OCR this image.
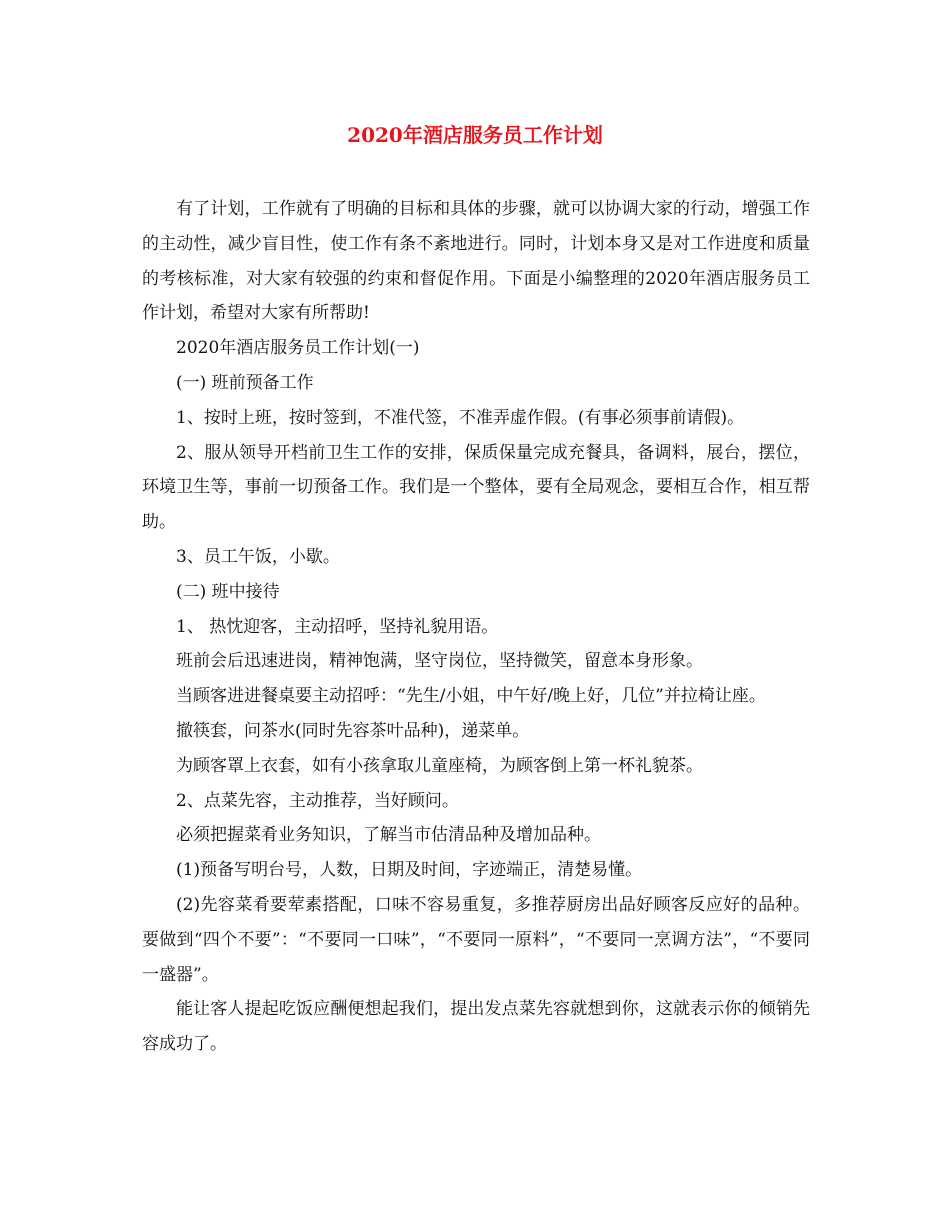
2020年酒店服务员工作计划

有了计划，工作就有了明确的目标和具体的步骤，就可以协调大家的行动，增强工作的主动性，减少盲目性，使工作有条不紊地进行。同时，计划本身又是对工作进度和质量的考核标准，对大家有较强的约束和督促作用。下面是小编整理的2020年酒店服务员工作计划，希望对大家有所帮助!

2020年酒店服务员工作计划(一)

(一) 班前预备工作

1、按时上班，按时签到，不准代签，不准弄虚作假。(有事必须事前请假)。

2、服从领导开档前卫生工作的安排，保质保量完成充餐具，备调料，展台，摆位，环境卫生等，事前一切预备工作。我们是一个整体，要有全局观念，要相互合作，相互帮助。

3、员工午饭，小歇。

(二) 班中接待

1、 热忱迎客，主动招呼，坚持礼貌用语。

班前会后迅速进岗，精神饱满，坚守岗位，坚持微笑，留意本身形象。

当顾客进进餐桌要主动招呼：“先生/小姐，中午好/晚上好，几位”并拉椅让座。

撤筷套，问茶水(同时先容茶叶品种)，递菜单。

为顾客罩上衣套，如有小孩拿取儿童座椅，为顾客倒上第一杯礼貌茶。

2、点菜先容，主动推荐，当好顾问。

必须把握菜肴业务知识，了解当市估清品种及增加品种。

(1)预备写明台号，人数，日期及时间，字迹端正，清楚易懂。

(2)先容菜肴要荤素搭配，口味不容易重复，多推荐厨房出品好顾客反应好的品种。要做到“四个不要”：“不要同一口味”，“不要同一原料”，“不要同一烹调方法”，“不要同一盛器”。

能让客人提起吃饭应酬便想起我们，提出发点菜先容就想到你，这就表示你的倾销先容成功了。
